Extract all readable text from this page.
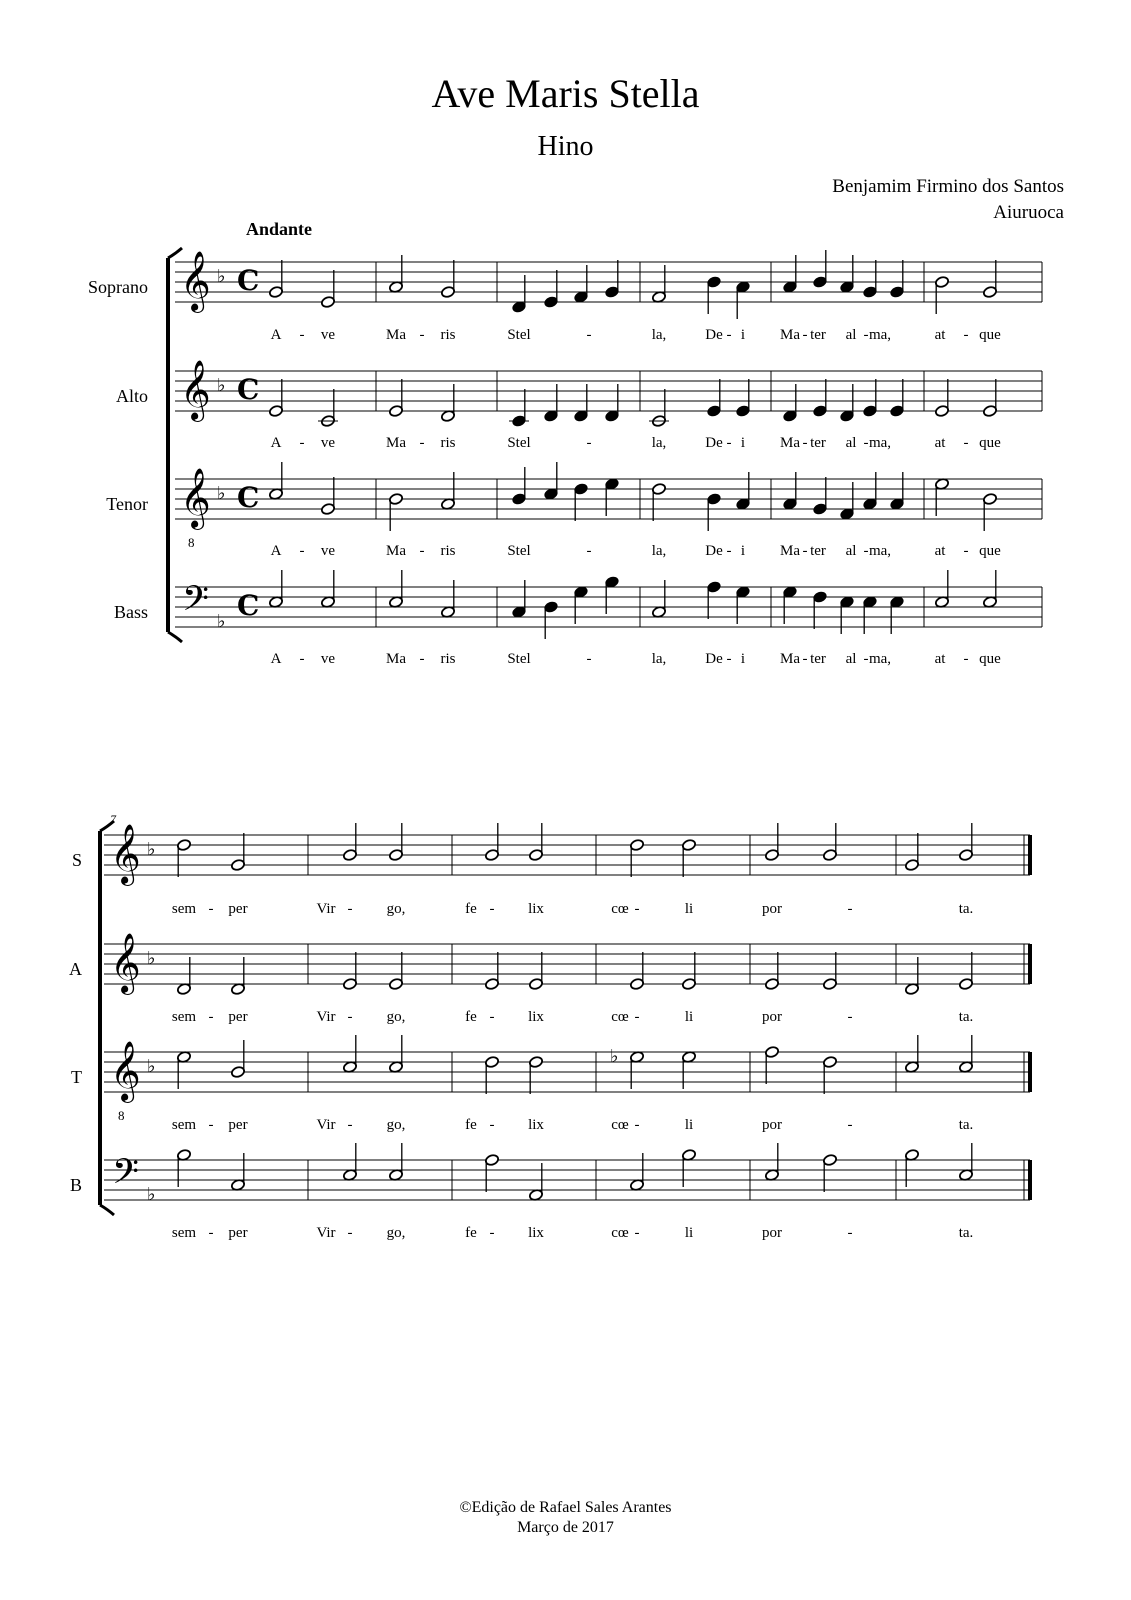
Ave Maris Stella
Hino
Benjamim Firmino dos Santos
Aiuruoca
Andante
Soprano
Alto
Tenor
Bass
S
A
T
B
7
A - ve	Ma - ris	Stel	-	la,	De - i Ma - ter al - ma,	at - que
A - ve	Ma - ris	Stel	-	la,	De - i Ma - ter al - ma,	at - que
A - ve	Ma - ris	Stel	-	la,	De - i Ma - ter al - ma,	at - que
A - ve	Ma - ris	Stel	-	la,	De - i Ma - ter al - ma,	at - que
sem - per	Vir - go,	fe - lix	cœ -	li	por	-	ta.
sem - per	Vir - go,	fe - lix	cœ -	li	por	-	ta.
sem - per	Vir - go,	fe - lix	cœ -	li	por	-	ta.
sem - per	Vir - go,	fe - lix	cœ -	li	por	-	ta.
𝄞 ♭ C
𝄞 ♭ C
𝄞 ♭ C
8
𝄢 ♭ C
𝄞 ♭
𝄞 ♭
𝄞 ♭
8
𝄢 ♭
♭
©Edição de Rafael Sales Arantes
Março de 2017
